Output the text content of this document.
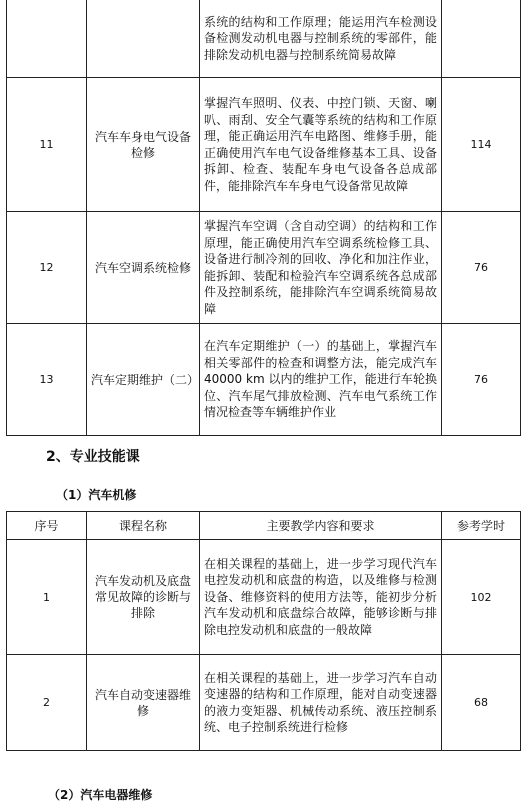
		系统的结构和工作原理；能运用汽车检测设备检测发动机电器与控制系统的零部件，能排除发动机电器与控制系统简易故障	
11	汽车车身电气设备检修	掌握汽车照明、仪表、中控门锁、天窗、喇叭、雨刮、安全气囊等系统的结构和工作原理，能正确运用汽车电路图、维修手册，能正确使用汽车电气设备维修基本工具、设备拆卸、检查、装配车身电气设备各总成部件，能排除汽车车身电气设备常见故障	114
12	汽车空调系统检修	掌握汽车空调（含自动空调）的结构和工作原理，能正确使用汽车空调系统检修工具、设备进行制冷剂的回收、净化和加注作业，能拆卸、装配和检验汽车空调系统各总成部件及控制系统，能排除汽车空调系统简易故障	76
13	汽车定期维护（二）	在汽车定期维护（一）的基础上，掌握汽车相关零部件的检查和调整方法，能完成汽车 40000 km 以内的维护工作，能进行车轮换位、汽车尾气排放检测、汽车电气系统工作情况检查等车辆维护作业	76
2、专业技能课
（1）汽车机修
序号	课程名称	主要教学内容和要求	参考学时
1	汽车发动机及底盘常见故障的诊断与排除	在相关课程的基础上，进一步学习现代汽车电控发动机和底盘的构造，以及维修与检测设备、维修资料的使用方法等，能初步分析汽车发动机和底盘综合故障，能够诊断与排除电控发动机和底盘的一般故障	102
2	汽车自动变速器维修	在相关课程的基础上，进一步学习汽车自动变速器的结构和工作原理，能对自动变速器的液力变矩器、机械传动系统、液压控制系统、电子控制系统进行检修	68
（2）汽车电器维修
